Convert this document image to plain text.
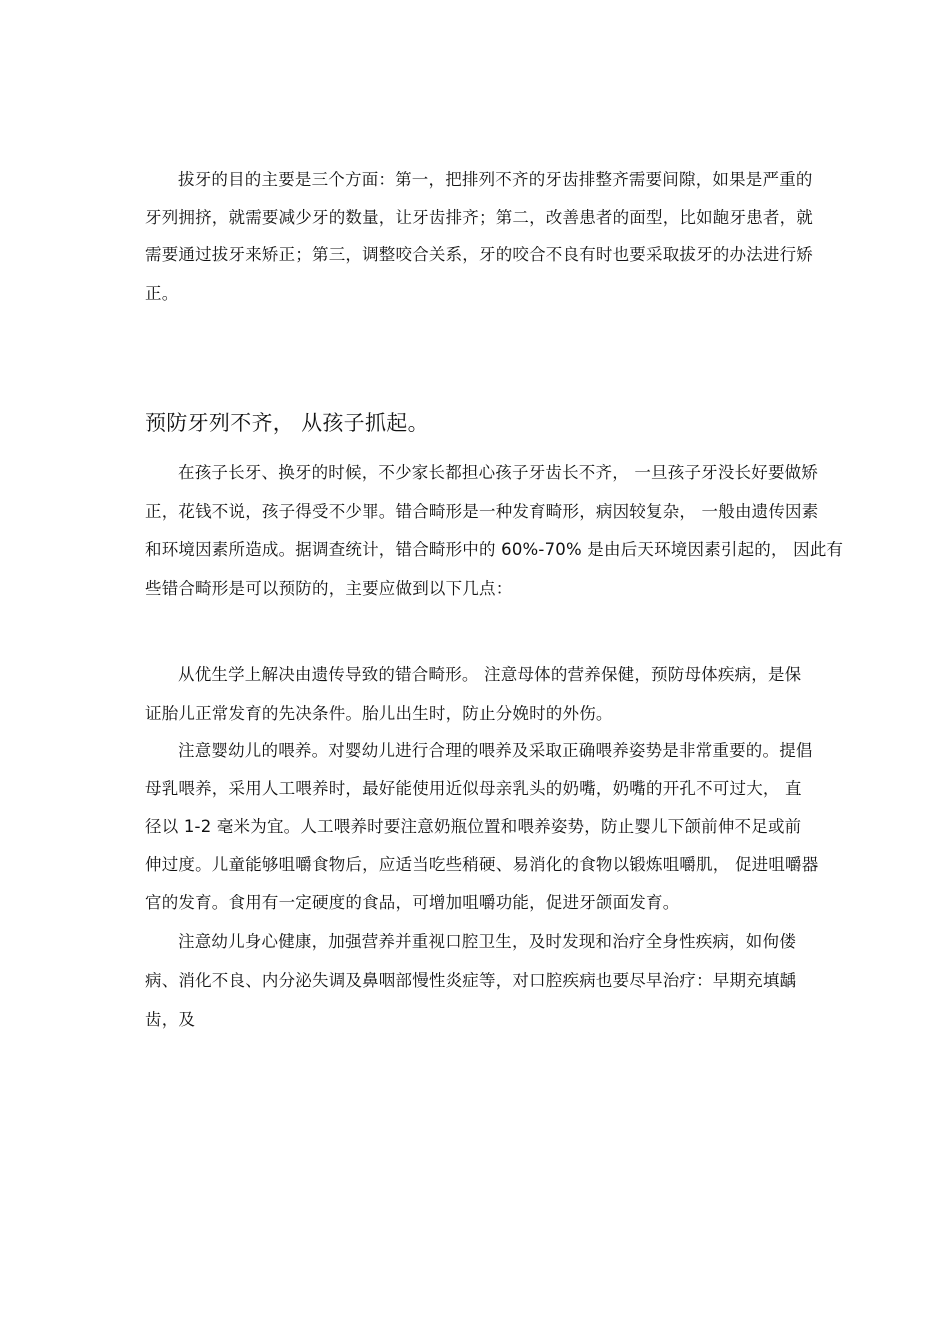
拔牙的目的主要是三个方面：第一，把排列不齐的牙齿排整齐需要间隙，如果是严重的
牙列拥挤，就需要减少牙的数量，让牙齿排齐；第二，改善患者的面型，比如龅牙患者，就
需要通过拔牙来矫正；第三，调整咬合关系，牙的咬合不良有时也要采取拔牙的办法进行矫
正。
预防牙列不齐， 从孩子抓起。
在孩子长牙、换牙的时候，不少家长都担心孩子牙齿长不齐， 一旦孩子牙没长好要做矫
正，花钱不说，孩子得受不少罪。错合畸形是一种发育畸形，病因较复杂， 一般由遗传因素
和环境因素所造成。据调查统计，错合畸形中的 60%-70% 是由后天环境因素引起的， 因此有
些错合畸形是可以预防的，主要应做到以下几点：
从优生学上解决由遗传导致的错合畸形。 注意母体的营养保健，预防母体疾病，是保
证胎儿正常发育的先决条件。胎儿出生时，防止分娩时的外伤。
注意婴幼儿的喂养。对婴幼儿进行合理的喂养及采取正确喂养姿势是非常重要的。提倡
母乳喂养，采用人工喂养时，最好能使用近似母亲乳头的奶嘴，奶嘴的开孔不可过大， 直
径以 1-2 毫米为宜。人工喂养时要注意奶瓶位置和喂养姿势，防止婴儿下颌前伸不足或前
伸过度。儿童能够咀嚼食物后，应适当吃些稍硬、易消化的食物以锻炼咀嚼肌， 促进咀嚼器
官的发育。食用有一定硬度的食品，可增加咀嚼功能，促进牙颌面发育。
注意幼儿身心健康，加强营养并重视口腔卫生，及时发现和治疗全身性疾病，如佝偻
病、消化不良、内分泌失调及鼻咽部慢性炎症等，对口腔疾病也要尽早治疗：早期充填龋
齿，及
